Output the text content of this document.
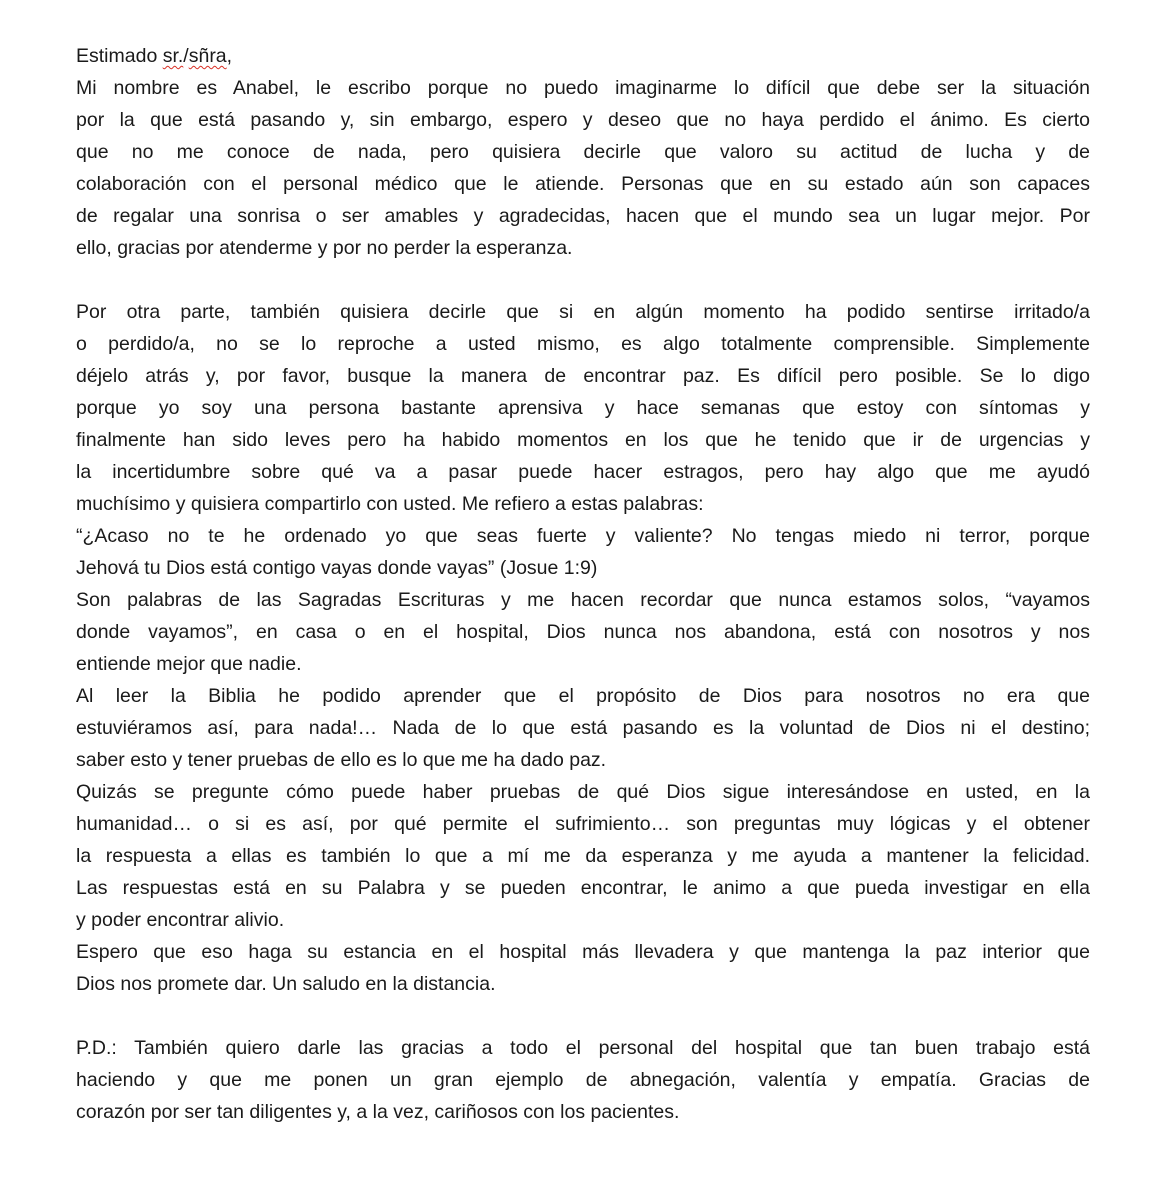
Estimado sr./sñra,
Mi nombre es Anabel, le escribo porque no puedo imaginarme lo difícil que debe ser la situación
por la que está pasando y, sin embargo, espero y deseo que no haya perdido el ánimo. Es cierto
que no me conoce de nada, pero quisiera decirle que valoro su actitud de lucha y de
colaboración con el personal médico que le atiende. Personas que en su estado aún son capaces
de regalar una sonrisa o ser amables y agradecidas, hacen que el mundo sea un lugar mejor. Por
ello, gracias por atenderme y por no perder la esperanza.
Por otra parte, también quisiera decirle que si en algún momento ha podido sentirse irritado/a
o perdido/a, no se lo reproche a usted mismo, es algo totalmente comprensible. Simplemente
déjelo atrás y, por favor, busque la manera de encontrar paz. Es difícil pero posible. Se lo digo
porque yo soy una persona bastante aprensiva y hace semanas que estoy con síntomas y
finalmente han sido leves pero ha habido momentos en los que he tenido que ir de urgencias y
la incertidumbre sobre qué va a pasar puede hacer estragos, pero hay algo que me ayudó
muchísimo y quisiera compartirlo con usted. Me refiero a estas palabras:
“¿Acaso no te he ordenado yo que seas fuerte y valiente? No tengas miedo ni terror, porque
Jehová tu Dios está contigo vayas donde vayas” (Josue 1:9)
Son palabras de las Sagradas Escrituras y me hacen recordar que nunca estamos solos, “vayamos
donde vayamos”, en casa o en el hospital, Dios nunca nos abandona, está con nosotros y nos
entiende mejor que nadie.
Al leer la Biblia he podido aprender que el propósito de Dios para nosotros no era que
estuviéramos así, para nada!… Nada de lo que está pasando es la voluntad de Dios ni el destino;
saber esto y tener pruebas de ello es lo que me ha dado paz.
Quizás se pregunte cómo puede haber pruebas de qué Dios sigue interesándose en usted, en la
humanidad… o si es así, por qué permite el sufrimiento… son preguntas muy lógicas y el obtener
la respuesta a ellas es también lo que a mí me da esperanza y me ayuda a mantener la felicidad.
Las respuestas está en su Palabra y se pueden encontrar, le animo a que pueda investigar en ella
y poder encontrar alivio.
Espero que eso haga su estancia en el hospital más llevadera y que mantenga la paz interior que
Dios nos promete dar. Un saludo en la distancia.
P.D.: También quiero darle las gracias a todo el personal del hospital que tan buen trabajo está
haciendo y que me ponen un gran ejemplo de abnegación, valentía y empatía. Gracias de
corazón por ser tan diligentes y, a la vez, cariñosos con los pacientes.
